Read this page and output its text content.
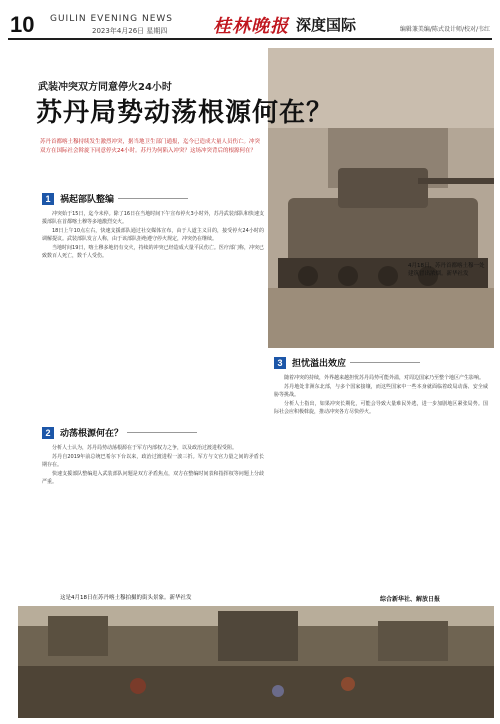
10 GUILIN EVENING NEWS
2023年4月26日 星期四	桂林晚报 深度国际	编辑兼美编/陈式设计师/校对/韦红
4月18日，苏丹首都喀土穆一处建筑冒出浓烟。新华社发
武装冲突双方同意停火24小时
苏丹局势动荡根源何在？
苏丹首都喀土穆持续发生激烈冲突，据当地卫生部门通报，迄今已造成大量人员伤亡。冲突双方在国际社会斡旋下同意停火24小时。苏丹为何陷入冲突？这场冲突背后的根源何在？
1	祸起部队整编

冲突始于15日，迄今未停。除了16日在当地时间下午宣布停火3小时外，苏丹武装部队和快速支援部队在首都喀土穆等多地激烈交火。

18日上午10点左右，快速支援部队通过社交媒体宣布，由于人道主义目的，接受停火24小时的调解提议。武装部队发言人称，由于该部队拒绝遵守停火规定，冲突仍在继续。

当地时间19日，喀土穆多地仍有交火，持续的冲突已经造成大量平民伤亡。医疗部门称，冲突已致数百人死亡，数千人受伤。

2	动荡根源何在？

分析人士认为，苏丹局势动荡根源在于军方内部权力之争，以及政治过渡进程受阻。

苏丹自2019年前总统巴希尔下台以来，政治过渡进程一波三折。军方与文官力量之间的矛盾长期存在。

快速支援部队整编进入武装部队问题是双方矛盾焦点，双方在整编时间表和指挥权等问题上分歧严重。

这是4月18日在苏丹喀土穆拍摄的街头景象。新华社发
3	担忧溢出效应

随着冲突的持续，外界越来越担忧苏丹局势可能外溢，对周边国家乃至整个地区产生影响。

苏丹地处非洲东北部，与多个国家接壤，而这些国家中一些本身就面临着政局动荡、安全威胁等挑战。

分析人士指出，如果冲突长期化，可能会导致大量难民外逃，进一步加剧地区紧张局势。国际社会应积极斡旋，推动冲突各方尽快停火。

综合新华社、解放日报
